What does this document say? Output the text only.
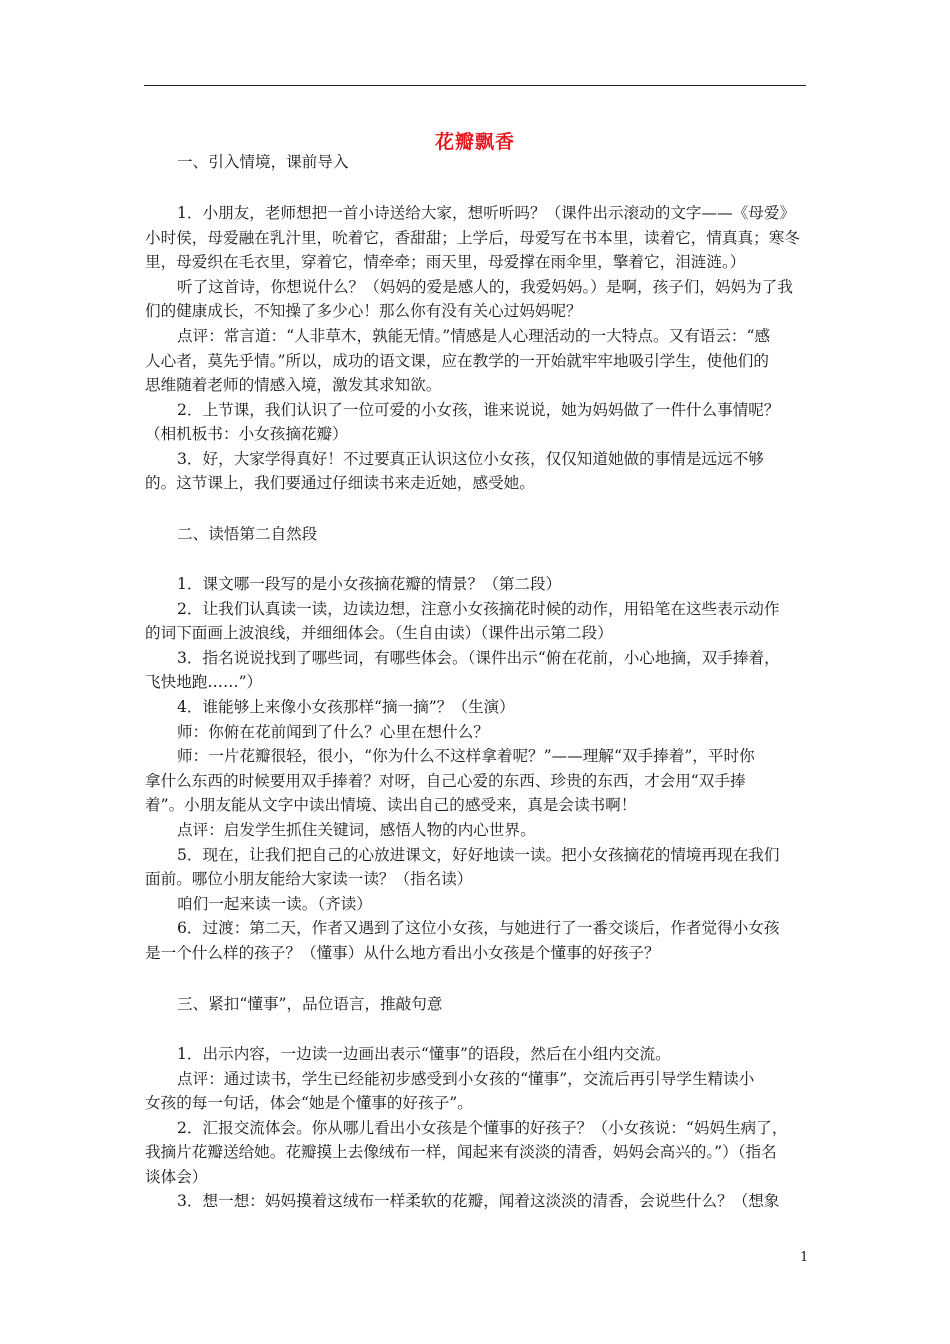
花瓣飘香
一、引入情境，课前导入
1．小朋友，老师想把一首小诗送给大家，想听听吗？（课件出示滚动的文字——《母爱》
小时侯，母爱融在乳汁里，吮着它，香甜甜；上学后，母爱写在书本里，读着它，情真真；寒冬
里，母爱织在毛衣里，穿着它，情牵牵；雨天里，母爱撑在雨伞里，擎着它，泪涟涟。）
听了这首诗，你想说什么？（妈妈的爱是感人的，我爱妈妈。）是啊，孩子们，妈妈为了我
们的健康成长，不知操了多少心！那么你有没有关心过妈妈呢？
点评：常言道：“人非草木，孰能无情。”情感是人心理活动的一大特点。又有语云：“感
人心者，莫先乎情。”所以，成功的语文课，应在教学的一开始就牢牢地吸引学生，使他们的
思维随着老师的情感入境，激发其求知欲。
2．上节课，我们认识了一位可爱的小女孩，谁来说说，她为妈妈做了一件什么事情呢？
（相机板书：小女孩摘花瓣）
3．好，大家学得真好！不过要真正认识这位小女孩，仅仅知道她做的事情是远远不够
的。这节课上，我们要通过仔细读书来走近她，感受她。
二、读悟第二自然段
1．课文哪一段写的是小女孩摘花瓣的情景？（第二段）
2．让我们认真读一读，边读边想，注意小女孩摘花时候的动作，用铅笔在这些表示动作
的词下面画上波浪线，并细细体会。（生自由读）（课件出示第二段）
3．指名说说找到了哪些词，有哪些体会。（课件出示“俯在花前，小心地摘，双手捧着，
飞快地跑……”）
4．谁能够上来像小女孩那样“摘一摘”？（生演）
师：你俯在花前闻到了什么？心里在想什么？
师：一片花瓣很轻，很小，“你为什么不这样拿着呢？”——理解“双手捧着”，平时你
拿什么东西的时候要用双手捧着？对呀，自己心爱的东西、珍贵的东西，才会用“双手捧
着”。小朋友能从文字中读出情境、读出自己的感受来，真是会读书啊！
点评：启发学生抓住关键词，感悟人物的内心世界。
5．现在，让我们把自己的心放进课文，好好地读一读。把小女孩摘花的情境再现在我们
面前。哪位小朋友能给大家读一读？（指名读）
咱们一起来读一读。（齐读）
6．过渡：第二天，作者又遇到了这位小女孩，与她进行了一番交谈后，作者觉得小女孩
是一个什么样的孩子？（懂事）从什么地方看出小女孩是个懂事的好孩子？
三、紧扣“懂事”，品位语言，推敲句意
1．出示内容，一边读一边画出表示“懂事”的语段，然后在小组内交流。
点评：通过读书，学生已经能初步感受到小女孩的“懂事”，交流后再引导学生精读小
女孩的每一句话，体会“她是个懂事的好孩子”。
2．汇报交流体会。你从哪儿看出小女孩是个懂事的好孩子？（小女孩说：“妈妈生病了，
我摘片花瓣送给她。花瓣摸上去像绒布一样，闻起来有淡淡的清香，妈妈会高兴的。”）（指名
谈体会）
3．想一想：妈妈摸着这绒布一样柔软的花瓣，闻着这淡淡的清香，会说些什么？（想象
1
